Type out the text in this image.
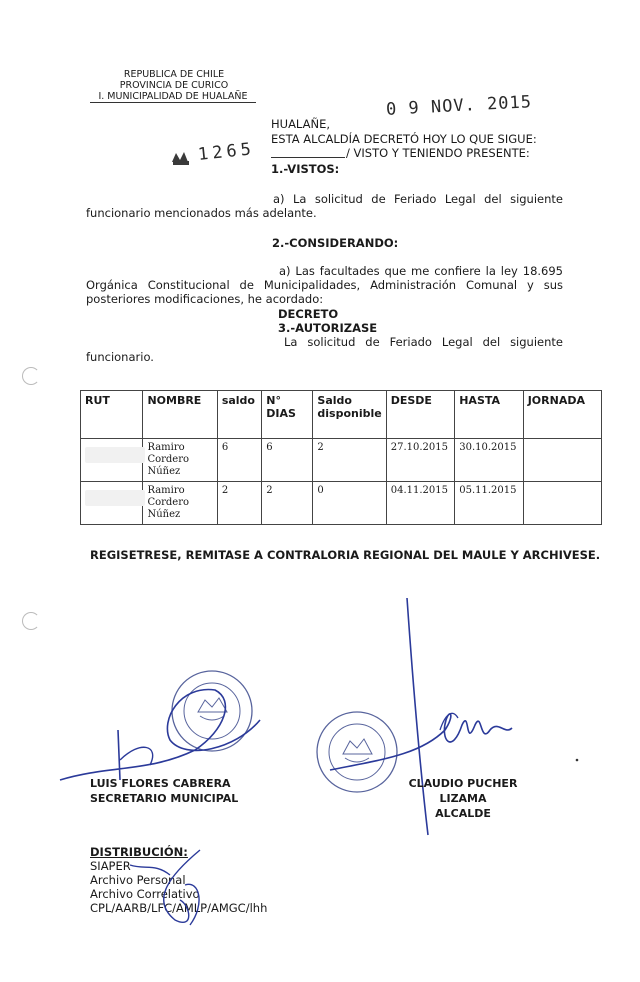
REPUBLICA DE CHILE
PROVINCIA DE CURICO
I. MUNICIPALIDAD DE HUALAÑE	0 9 NOV. 2015
1265
HUALAÑE,
ESTA ALCALDÍA DECRETÓ HOY LO QUE SIGUE:
/ VISTO Y TENIENDO PRESENTE:
1.-VISTOS:
a) La solicitud de Feriado Legal del siguiente
funcionario mencionados más adelante.
2.-CONSIDERANDO:
a) Las facultades que me confiere la ley 18.695
Orgánica Constitucional de Municipalidades, Administración Comunal y sus
posteriores modificaciones, he acordado:
DECRETO
3.-AUTORIZASE
La solicitud de Feriado Legal del siguiente
funcionario.
RUT	NOMBRE	saldo	N° DIAS	Saldo disponible	DESDE	HASTA	JORNADA

	Ramiro
Cordero
Núñez	6	6	2	27.10.2015	30.10.2015	

	Ramiro
Cordero
Núñez	2	2	0	04.11.2015	05.11.2015	
REGISETRESE, REMITASE A CONTRALORIA REGIONAL DEL MAULE Y ARCHIVESE.
LUIS FLORES CABRERA
SECRETARIO MUNICIPAL
CLAUDIO PUCHER LIZAMA
ALCALDE
DISTRIBUCIÓN:
SIAPER
Archivo Personal
Archivo Correlativo
CPL/AARB/LFC/AMLP/AMGC/lhh
